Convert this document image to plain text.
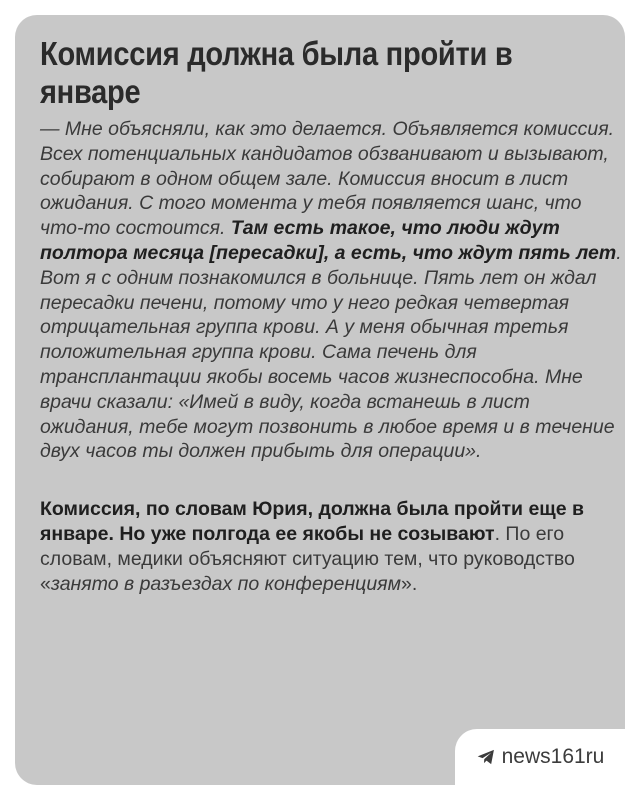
Комиссия должна была пройти в январе

— Мне объясняли, как это делается. Объявляется комиссия. Всех потенциальных кандидатов обзванивают и вызывают, собирают в одном общем зале. Комиссия вносит в лист ожидания. С того момента у тебя появляется шанс, что что-то состоится. Там есть такое, что люди ждут полтора месяца [пересадки], а есть, что ждут пять лет. Вот я с одним познакомился в больнице. Пять лет он ждал пересадки печени, потому что у него редкая четвертая отрицательная группа крови. А у меня обычная третья положительная группа крови. Сама печень для трансплантации якобы восемь часов жизнеспособна. Мне врачи сказали: «Имей в виду, когда встанешь в лист ожидания, тебе могут позвонить в любое время и в течение двух часов ты должен прибыть для операции».

Комиссия, по словам Юрия, должна была пройти еще в январе. Но уже полгода ее якобы не созывают. По его словам, медики объясняют ситуацию тем, что руководство «занято в разъездах по конференциям».

news161ru
